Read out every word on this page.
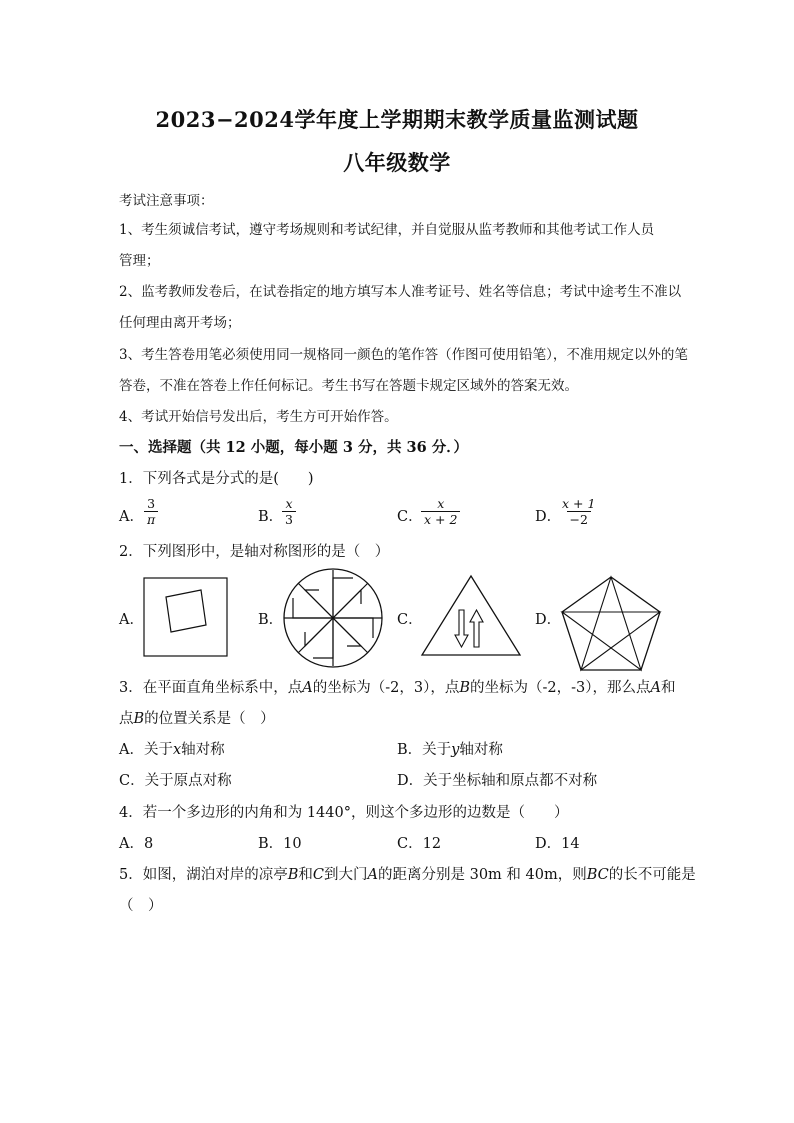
2023−2024学年度上学期期末教学质量监测试题
八年级数学
考试注意事项：
1、考生须诚信考试，遵守考场规则和考试纪律，并自觉服从监考教师和其他考试工作人员
管理；
2、监考教师发卷后，在试卷指定的地方填写本人准考证号、姓名等信息；考试中途考生不准以
任何理由离开考场；
3、考生答卷用笔必须使用同一规格同一颜色的笔作答（作图可使用铅笔），不准用规定以外的笔
答卷，不准在答卷上作任何标记。考生书写在答题卡规定区域外的答案无效。
4、考试开始信号发出后，考生方可开始作答。
一、选择题（共 12 小题，每小题 3 分，共 36 分．）
1．下列各式是分式的是(　　)
A． $\frac{3}{\pi}$	B．
$\frac{x}{3}$	C．
$\frac{x}{x + 2}$	D．
$\frac{x + 1}{-2}$
2．下列图形中，是轴对称图形的是（　）
A．	B．	C．	D．
3．在平面直角坐标系中，点A的坐标为（-2，3），点B的坐标为（-2，-3），那么点A和
点B的位置关系是（　）
A．关于x轴对称	B．关于y轴对称
C．关于原点对称	D．关于坐标轴和原点都不对称
4．若一个多边形的内角和为 1440°，则这个多边形的边数是（　　）
A．8	B．10	C．12	D．14
5．如图，湖泊对岸的凉亭B和C到大门A的距离分别是 30m 和 40m，则BC的长不可能是
（　）
